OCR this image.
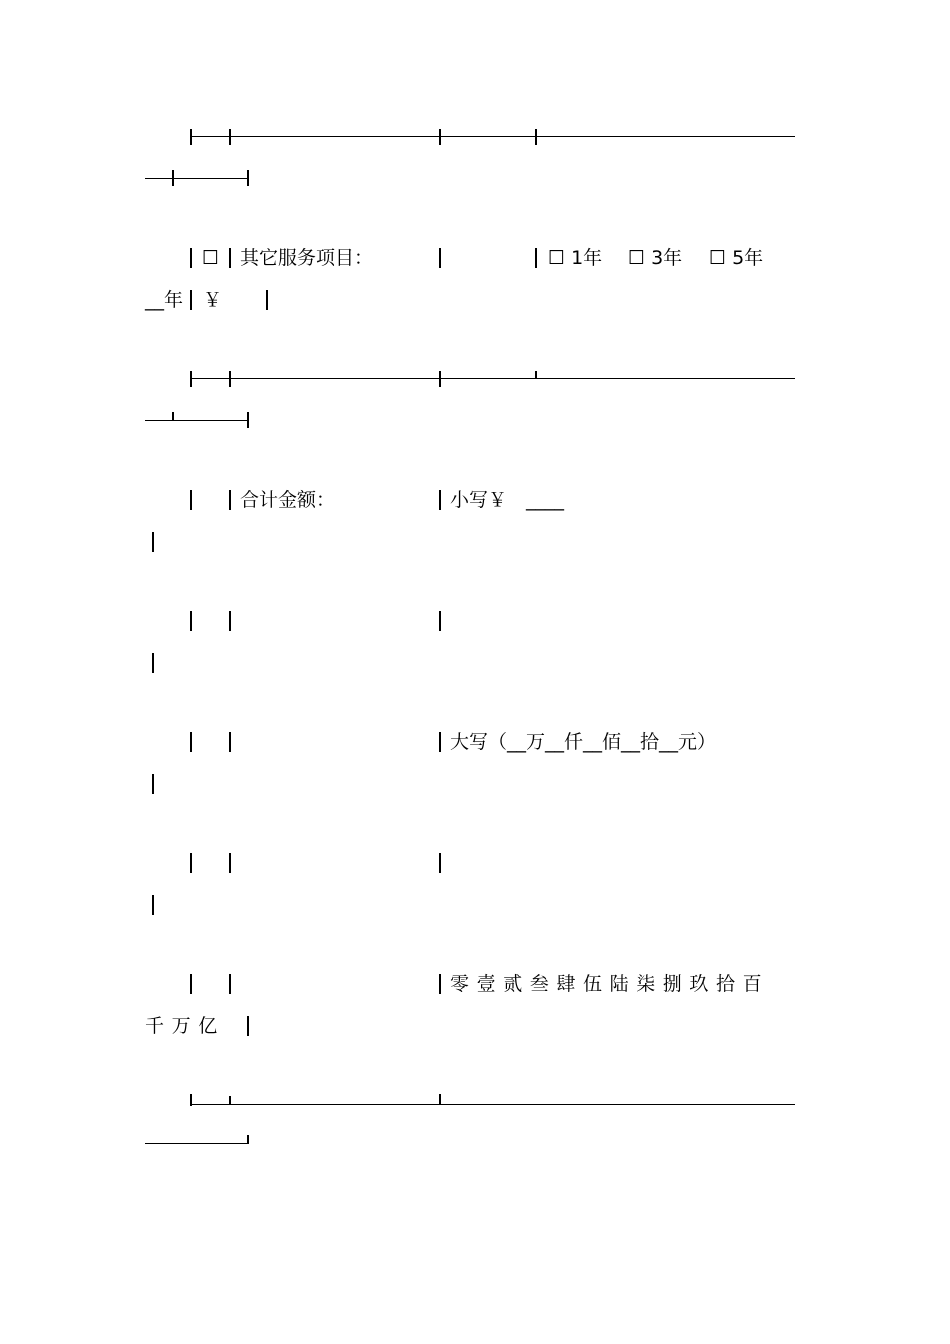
☐ 其它服务项目：	☐ 1年 ☐ 3年 ☐ 5年
__年 ￥
合计金额：	小写￥ ____
大写（__万__仟__佰__拾__元）
零壹贰叁肆伍陆柒捌玖拾百
千万亿
